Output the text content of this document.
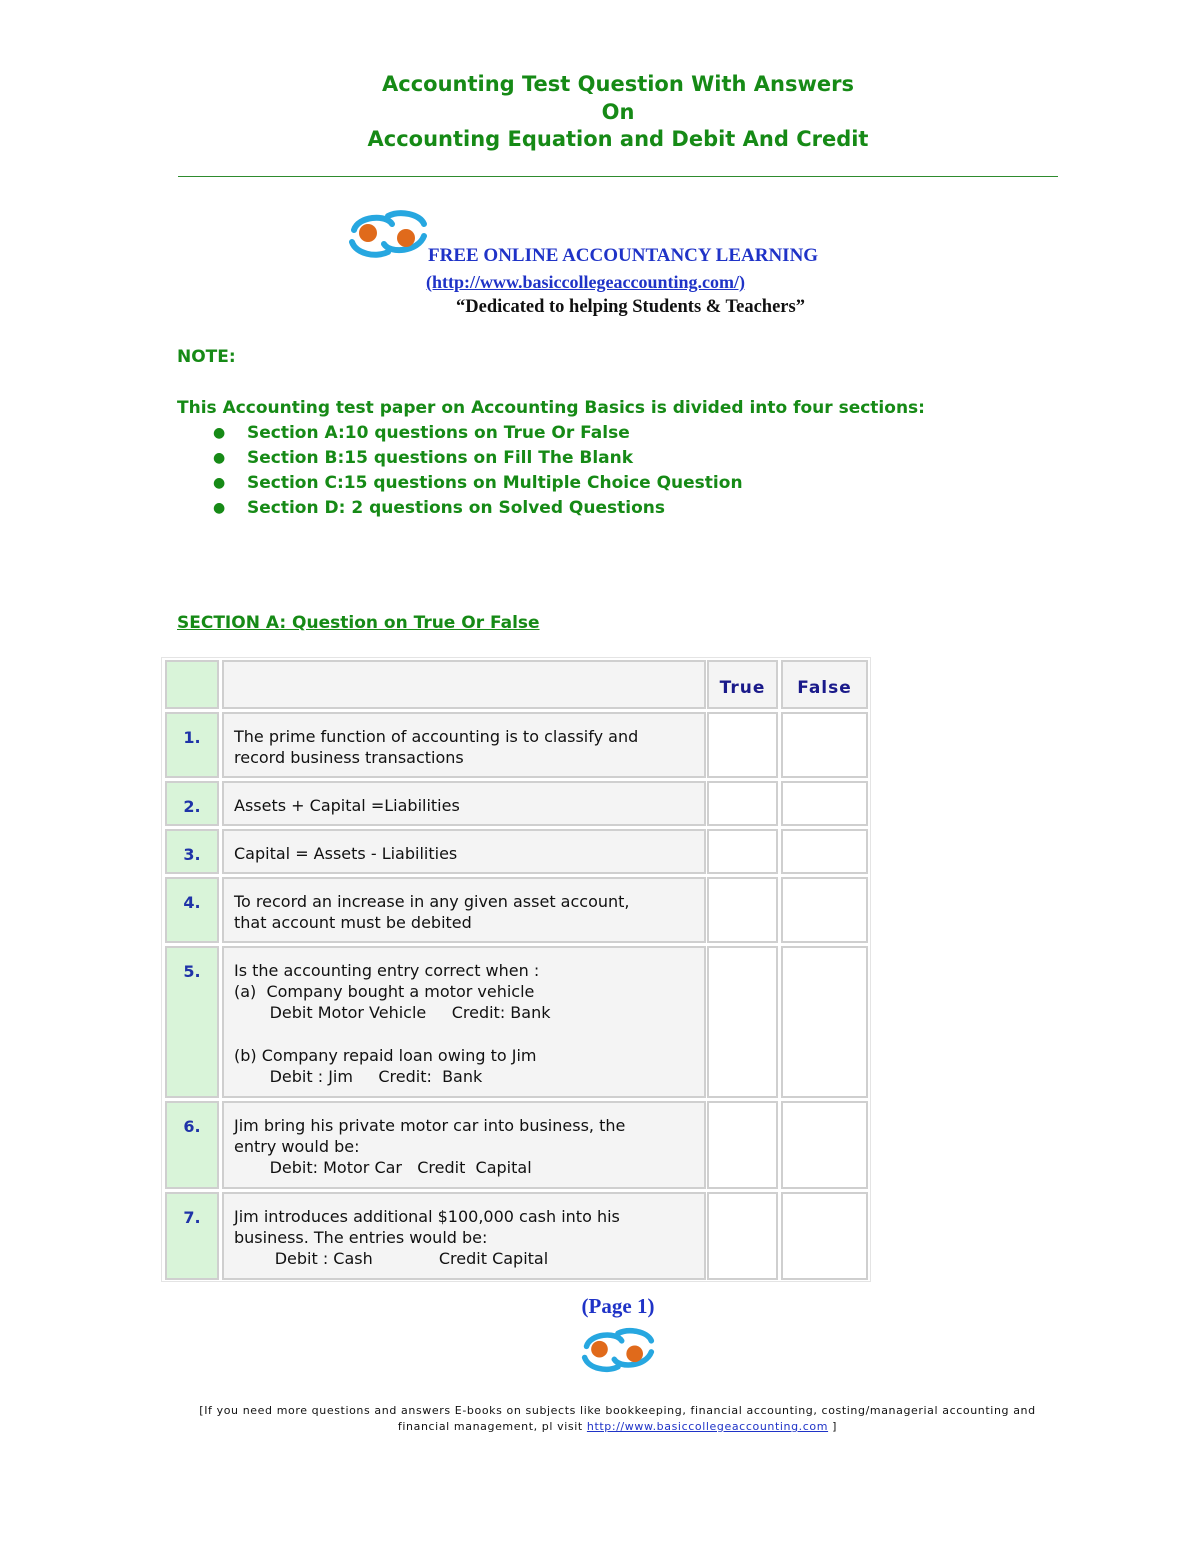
Accounting Test Question With Answers
On
Accounting Equation and Debit And Credit
FREE ONLINE ACCOUNTANCY LEARNING
(http://www.basiccollegeaccounting.com/)
“Dedicated to helping Students & Teachers”
NOTE:
This Accounting test paper on Accounting Basics is divided into four sections:
● Section A:10 questions on True Or False
● Section B:15 questions on Fill The Blank
● Section C:15 questions on Multiple Choice Question
● Section D: 2 questions on Solved Questions
SECTION A: Question on True Or False
True	False
1.	The prime function of accounting is to classify and
record business transactions
2.	Assets + Capital =Liabilities
3.	Capital = Assets - Liabilities
4.	To record an increase in any given asset account,
that account must be debited
5.	Is the accounting entry correct when :
(a)  Company bought a motor vehicle
Debit Motor Vehicle     Credit: Bank
(b) Company repaid loan owing to Jim
Debit : Jim     Credit:  Bank
6.	Jim bring his private motor car into business, the
entry would be:
Debit: Motor Car   Credit  Capital
7.	Jim introduces additional $100,000 cash into his
business. The entries would be:
Debit : Cash             Credit Capital
(Page 1)
[If you need more questions and answers E-books on subjects like bookkeeping, financial accounting, costing/managerial accounting and financial management, pl visit http://www.basiccollegeaccounting.com ]
